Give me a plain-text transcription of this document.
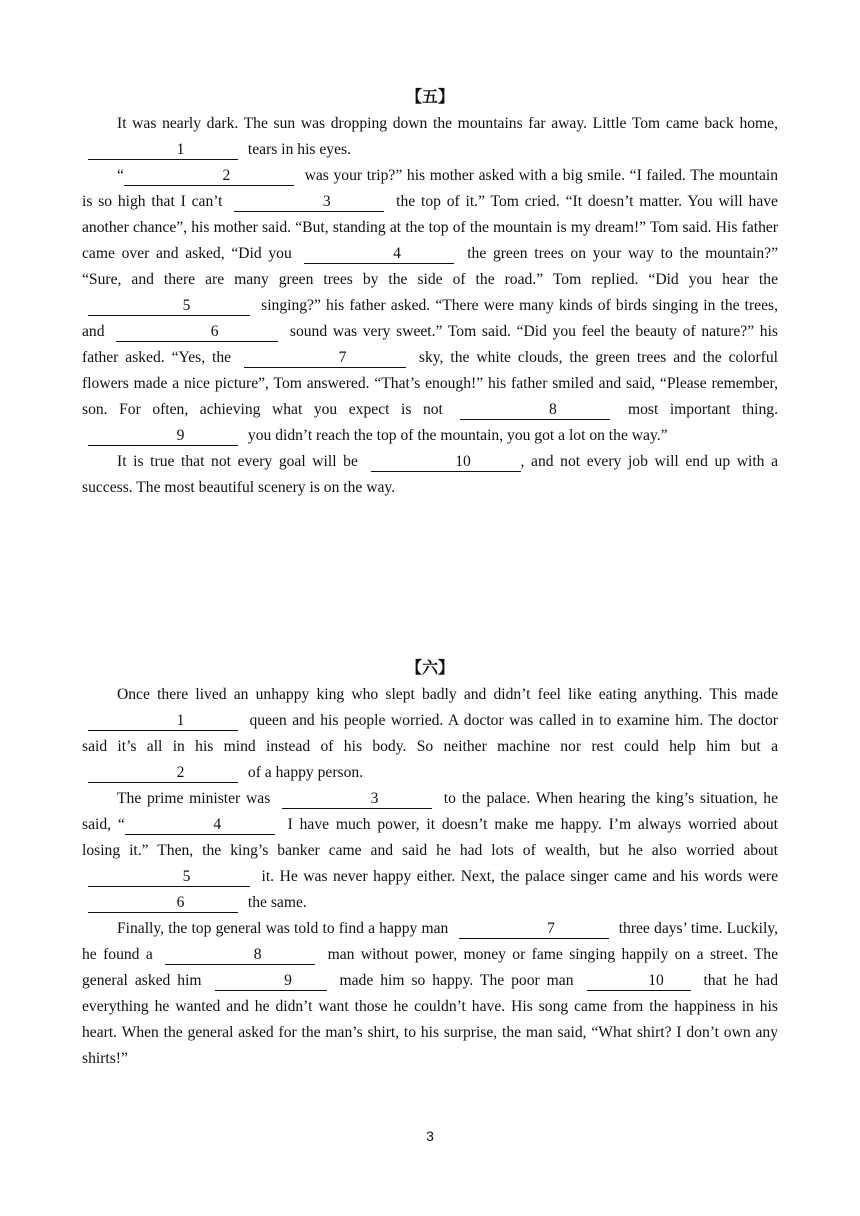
【五】

It was nearly dark. The sun was dropping down the mountains far away. Little Tom came back home, 1	tears in his eyes.

“	2	was your trip?” his mother asked with a big smile. “I failed. The mountain is so high that I can’t	3	the top of it.” Tom cried. “It doesn’t matter. You will have another chance”, his mother said. “But, standing at the top of the mountain is my dream!” Tom said. His father came over and asked, “Did you	4	the green trees on your way to the mountain?” “Sure, and there are many green trees by the side of the road.” Tom replied. “Did you hear the 5	singing?” his father asked. “There were many kinds of birds singing in the trees, and	6	sound was very sweet.” Tom said. “Did you feel the beauty of nature?” his father asked. “Yes, the	7	sky, the white clouds, the green trees and the colorful flowers made a nice picture”, Tom answered. “That’s enough!” his father smiled and said, “Please remember, son. For often, achieving what you expect is not	8	most important thing. 9	you didn’t reach the top of the mountain, you got a lot on the way.”

It is true that not every goal will be	10	, and not every job will end up with a success. The most beautiful scenery is on the way.

【六】

Once there lived an unhappy king who slept badly and didn’t feel like eating anything. This made 1	queen and his people worried. A doctor was called in to examine him. The doctor said it’s all in his mind instead of his body. So neither machine nor rest could help him but a 2	of a happy person.

The prime minister was	3	to the palace. When hearing the king’s situation, he said, “	4	I have much power, it doesn’t make me happy. I’m always worried about losing it.” Then, the king’s banker came and said he had lots of wealth, but he also worried about 5	it. He was never happy either. Next, the palace singer came and his words were 6	the same.

Finally, the top general was told to find a happy man	7	three days’ time. Luckily, he found a	8	man without power, money or fame singing happily on a street. The general asked him	9	made him so happy. The poor man	10	that he had everything he wanted and he didn’t want those he couldn’t have. His song came from the happiness in his heart. When the general asked for the man’s shirt, to his surprise, the man said, “What shirt? I don’t own any shirts!”

3
